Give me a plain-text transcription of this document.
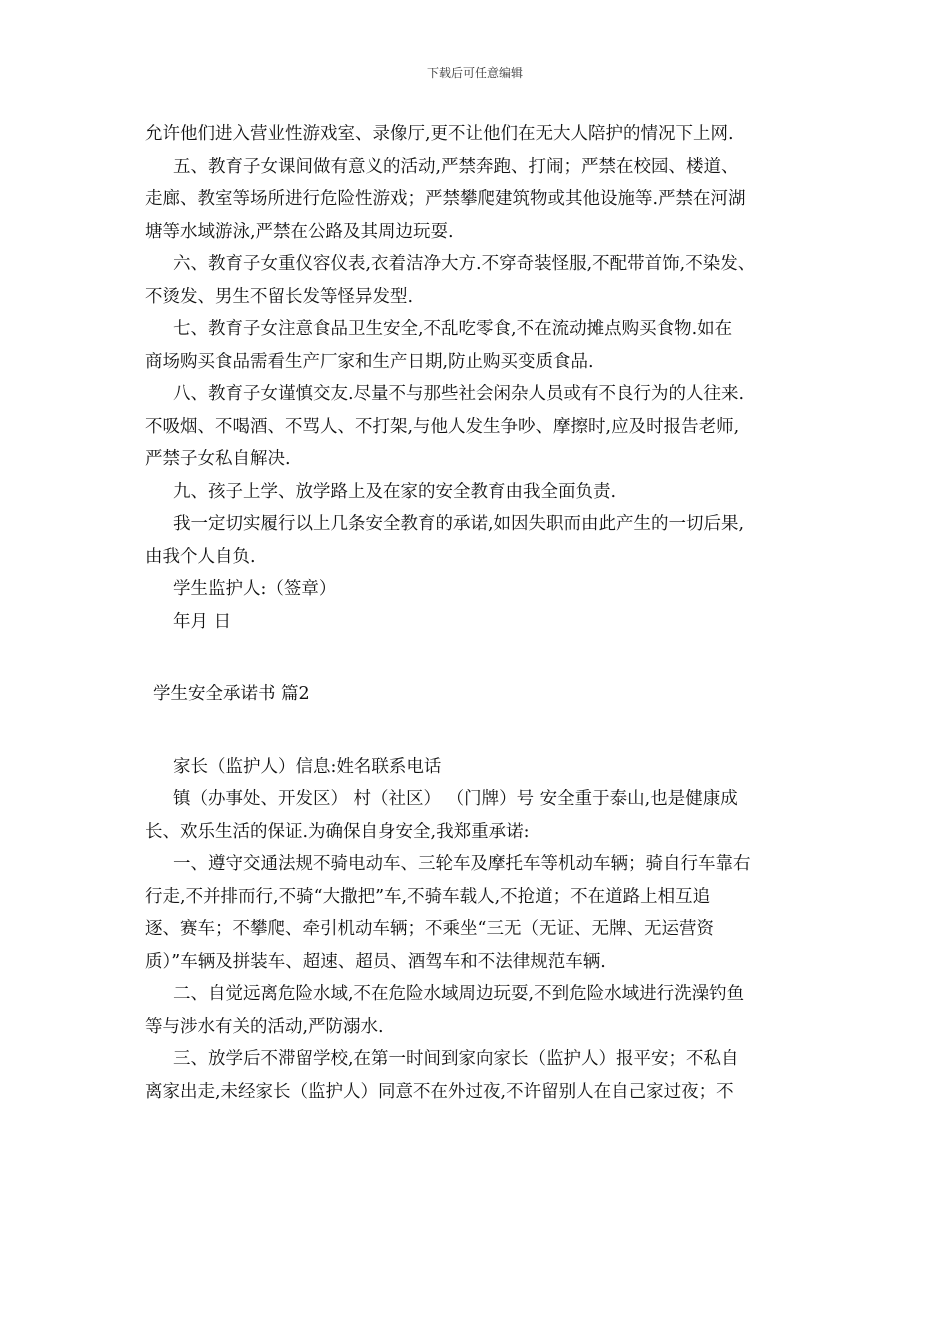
下载后可任意编辑

允许他们进入营业性游戏室、录像厅,更不让他们在无大人陪护的情况下上网.

五、教育子女课间做有意义的活动,严禁奔跑、打闹；严禁在校园、楼道、

走廊、教室等场所进行危险性游戏；严禁攀爬建筑物或其他设施等.严禁在河湖

塘等水域游泳,严禁在公路及其周边玩耍.

六、教育子女重仪容仪表,衣着洁净大方.不穿奇装怪服,不配带首饰,不染发、

不烫发、男生不留长发等怪异发型.

七、教育子女注意食品卫生安全,不乱吃零食,不在流动摊点购买食物.如在

商场购买食品需看生产厂家和生产日期,防止购买变质食品.

八、教育子女谨慎交友.尽量不与那些社会闲杂人员或有不良行为的人往来.

不吸烟、不喝酒、不骂人、不打架,与他人发生争吵、摩擦时,应及时报告老师,

严禁子女私自解决.

九、孩子上学、放学路上及在家的安全教育由我全面负责.

我一定切实履行以上几条安全教育的承诺,如因失职而由此产生的一切后果,

由我个人自负.

学生监护人:（签章）

年月 日

学生安全承诺书 篇2

家长（监护人）信息:姓名联系电话

镇（办事处、开发区） 村（社区） （门牌）号 安全重于泰山,也是健康成

长、欢乐生活的保证.为确保自身安全,我郑重承诺:

一、遵守交通法规不骑电动车、三轮车及摩托车等机动车辆；骑自行车靠右

行走,不并排而行,不骑“大撒把”车,不骑车载人,不抢道；不在道路上相互追

逐、赛车；不攀爬、牵引机动车辆；不乘坐“三无（无证、无牌、无运营资

质）”车辆及拼装车、超速、超员、酒驾车和不法律规范车辆.

二、自觉远离危险水域,不在危险水域周边玩耍,不到危险水域进行洗澡钓鱼

等与涉水有关的活动,严防溺水.

三、放学后不滞留学校,在第一时间到家向家长（监护人）报平安；不私自

离家出走,未经家长（监护人）同意不在外过夜,不许留别人在自己家过夜；不
